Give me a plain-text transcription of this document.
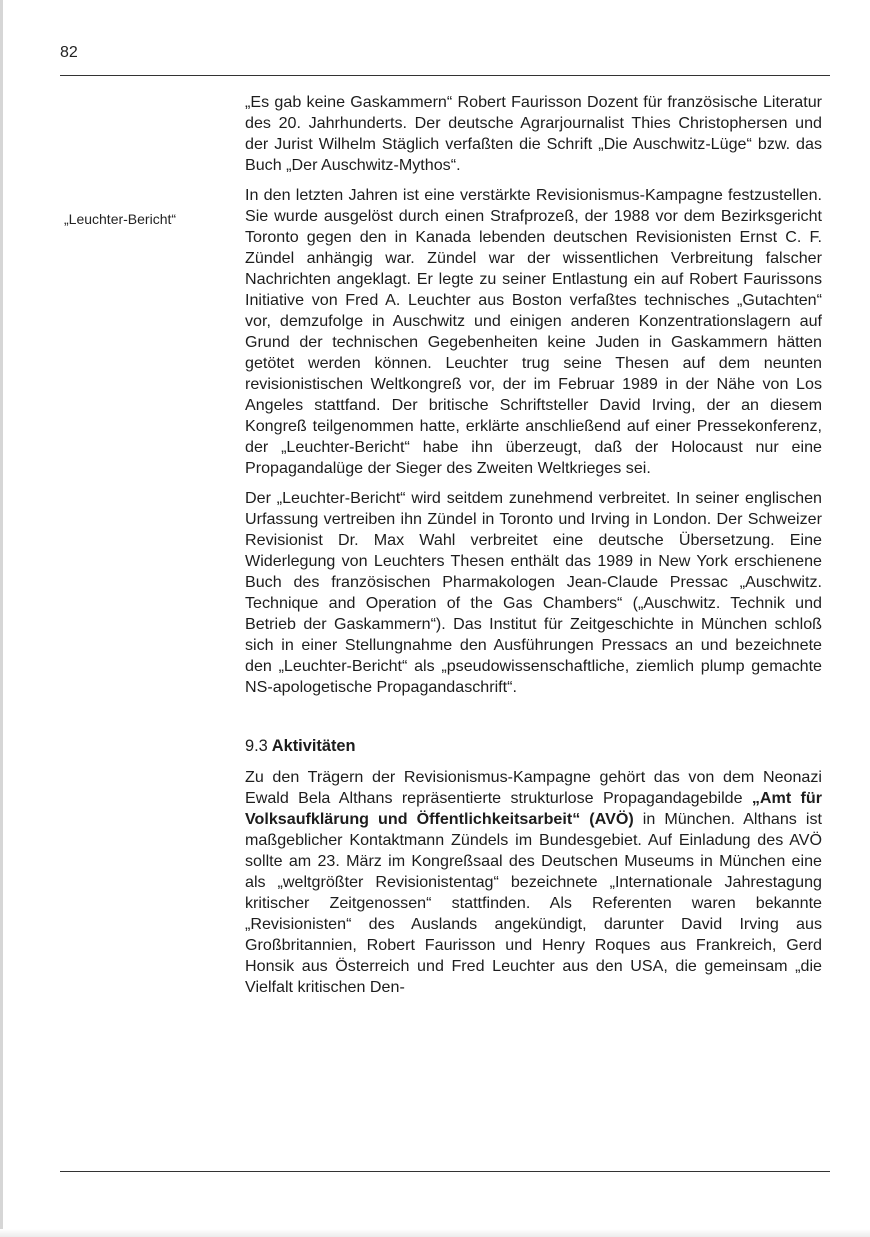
82
„Leuchter-Bericht“

„Es gab keine Gaskammern“ Robert Faurisson Dozent für französische Literatur des 20. Jahrhunderts. Der deutsche Agrarjournalist Thies Christophersen und der Jurist Wilhelm Stäglich verfaßten die Schrift „Die Auschwitz-Lüge“ bzw. das Buch „Der Auschwitz-Mythos“.

In den letzten Jahren ist eine verstärkte Revisionismus-Kampagne festzustellen. Sie wurde ausgelöst durch einen Strafprozeß, der 1988 vor dem Bezirksgericht Toronto gegen den in Kanada lebenden deutschen Revisionisten Ernst C. F. Zündel anhängig war. Zündel war der wissentlichen Verbreitung falscher Nachrichten angeklagt. Er legte zu seiner Entlastung ein auf Robert Faurissons Initiative von Fred A. Leuchter aus Boston verfaßtes technisches „Gutachten“ vor, demzufolge in Auschwitz und einigen anderen Konzentrationslagern auf Grund der technischen Gegebenheiten keine Juden in Gaskammern hätten getötet werden können. Leuchter trug seine Thesen auf dem neunten revisionistischen Weltkongreß vor, der im Februar 1989 in der Nähe von Los Angeles stattfand. Der britische Schriftsteller David Irving, der an diesem Kongreß teilgenommen hatte, erklärte anschließend auf einer Pressekonferenz, der „Leuchter-Bericht“ habe ihn überzeugt, daß der Holocaust nur eine Propagandalüge der Sieger des Zweiten Weltkrieges sei.

Der „Leuchter-Bericht“ wird seitdem zunehmend verbreitet. In seiner englischen Urfassung vertreiben ihn Zündel in Toronto und Irving in London. Der Schweizer Revisionist Dr. Max Wahl verbreitet eine deutsche Übersetzung. Eine Widerlegung von Leuchters Thesen enthält das 1989 in New York erschienene Buch des französischen Pharmakologen Jean-Claude Pressac „Auschwitz. Technique and Operation of the Gas Chambers“ („Auschwitz. Technik und Betrieb der Gaskammern“). Das Institut für Zeitgeschichte in München schloß sich in einer Stellungnahme den Ausführungen Pressacs an und bezeichnete den „Leuchter-Bericht“ als „pseudowissenschaftliche, ziemlich plump gemachte NS-apologetische Propagandaschrift“.

9.3 Aktivitäten

Zu den Trägern der Revisionismus-Kampagne gehört das von dem Neonazi Ewald Bela Althans repräsentierte strukturlose Propagandagebilde „Amt für Volksaufklärung und Öffentlichkeitsarbeit“ (AVÖ) in München. Althans ist maßgeblicher Kontaktmann Zündels im Bundesgebiet. Auf Einladung des AVÖ sollte am 23. März im Kongreßsaal des Deutschen Museums in München eine als „weltgrößter Revisionistentag“ bezeichnete „Internationale Jahrestagung kritischer Zeitgenossen“ stattfinden. Als Referenten waren bekannte „Revisionisten“ des Auslands angekündigt, darunter David Irving aus Großbritannien, Robert Faurisson und Henry Roques aus Frankreich, Gerd Honsik aus Österreich und Fred Leuchter aus den USA, die gemeinsam „die Vielfalt kritischen Den-
